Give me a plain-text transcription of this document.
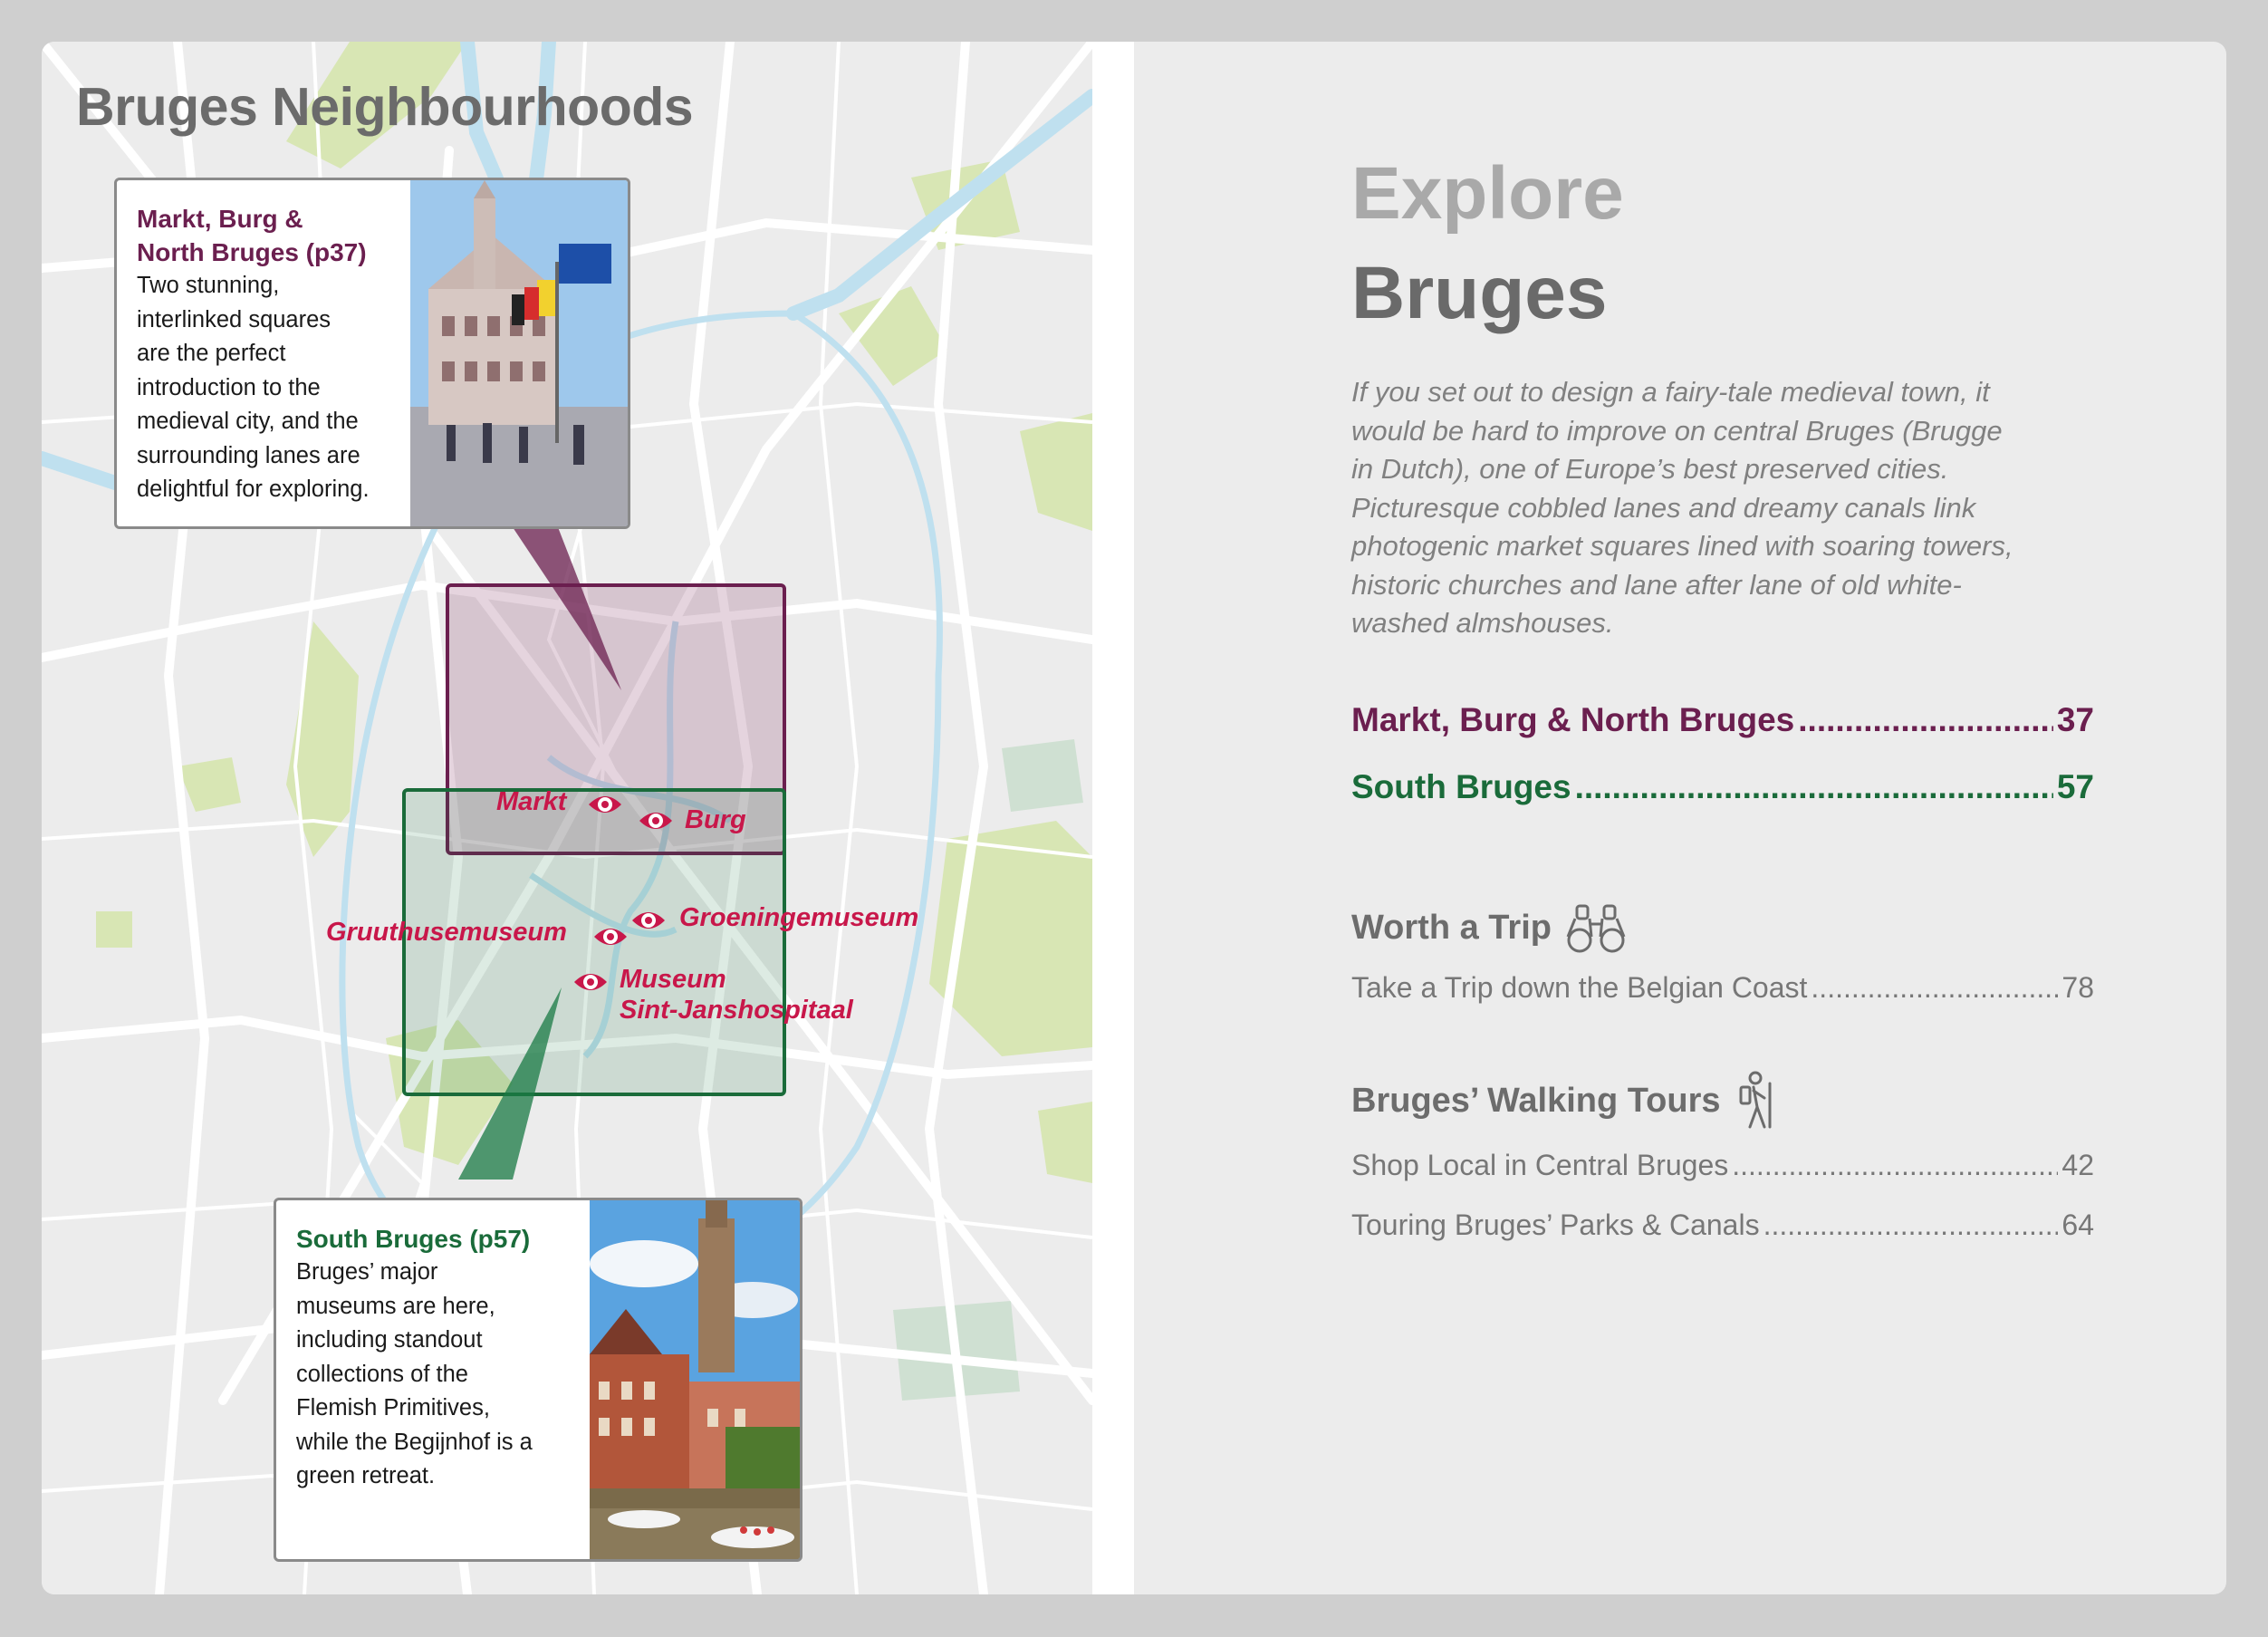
Bruges Neighbourhoods
Markt, Burg &
North Bruges (p37)
Two stunning,
interlinked squares
are the perfect
introduction to the
medieval city, and the
surrounding lanes are
delightful for exploring.
South Bruges (p57)
Bruges’ major
museums are here,
including standout
collections of the
Flemish Primitives,
while the Begijnhof is a
green retreat.
Markt
Burg
Groeningemuseum
Gruuthusemuseum
Museum
Sint-Janshospitaal
Explore
Bruges

If you set out to design a fairy-tale medieval town, it
would be hard to improve on central Bruges (Brugge
in Dutch), one of Europe’s best preserved cities.
Picturesque cobbled lanes and dreamy canals link
photogenic market squares lined with soaring towers,
historic churches and lane after lane of old white-
washed almshouses.

Markt, Burg & North Bruges .....	37
South Bruges .....	57
Worth a Trip
Take a Trip down the Belgian Coast .....	78
Bruges’ Walking Tours
Shop Local in Central Bruges .....	42
Touring Bruges’ Parks & Canals .....	64
